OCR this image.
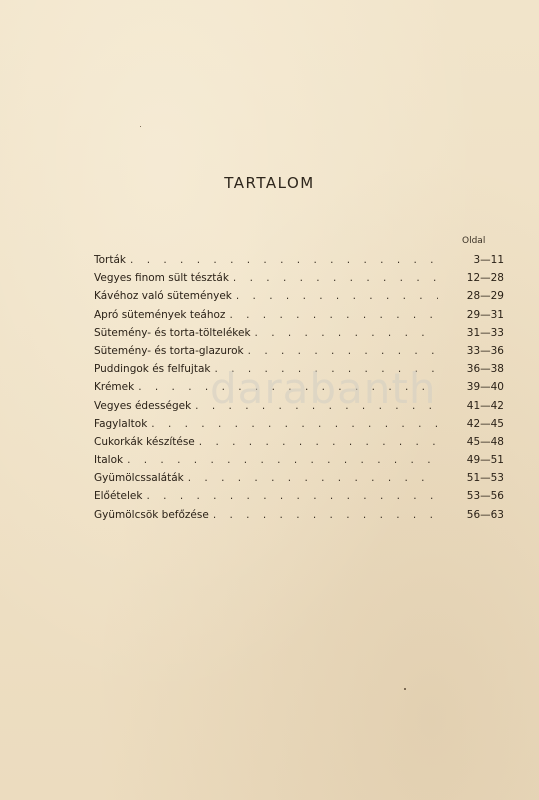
TARTALOM
Oldal
Torták . . .	3—11
Vegyes finom sült tészták . . .	12—28
Kávéhoz való sütemények . . .	28—29
Apró sütemények teához . . .	29—31
Sütemény- és torta-töltelékek . . .	31—33
Sütemény- és torta-glazurok . . .	33—36
Puddingok és felfujtak . . .	36—38
Krémek . . .	39—40
Vegyes édességek . . .	41—42
Fagylaltok . . .	42—45
Cukorkák készítése . . .	45—48
Italok . . .	49—51
Gyümölcssaláták . . .	51—53
Előételek . . .	53—56
Gyümölcsök befőzése . . .	56—63
darabanth
